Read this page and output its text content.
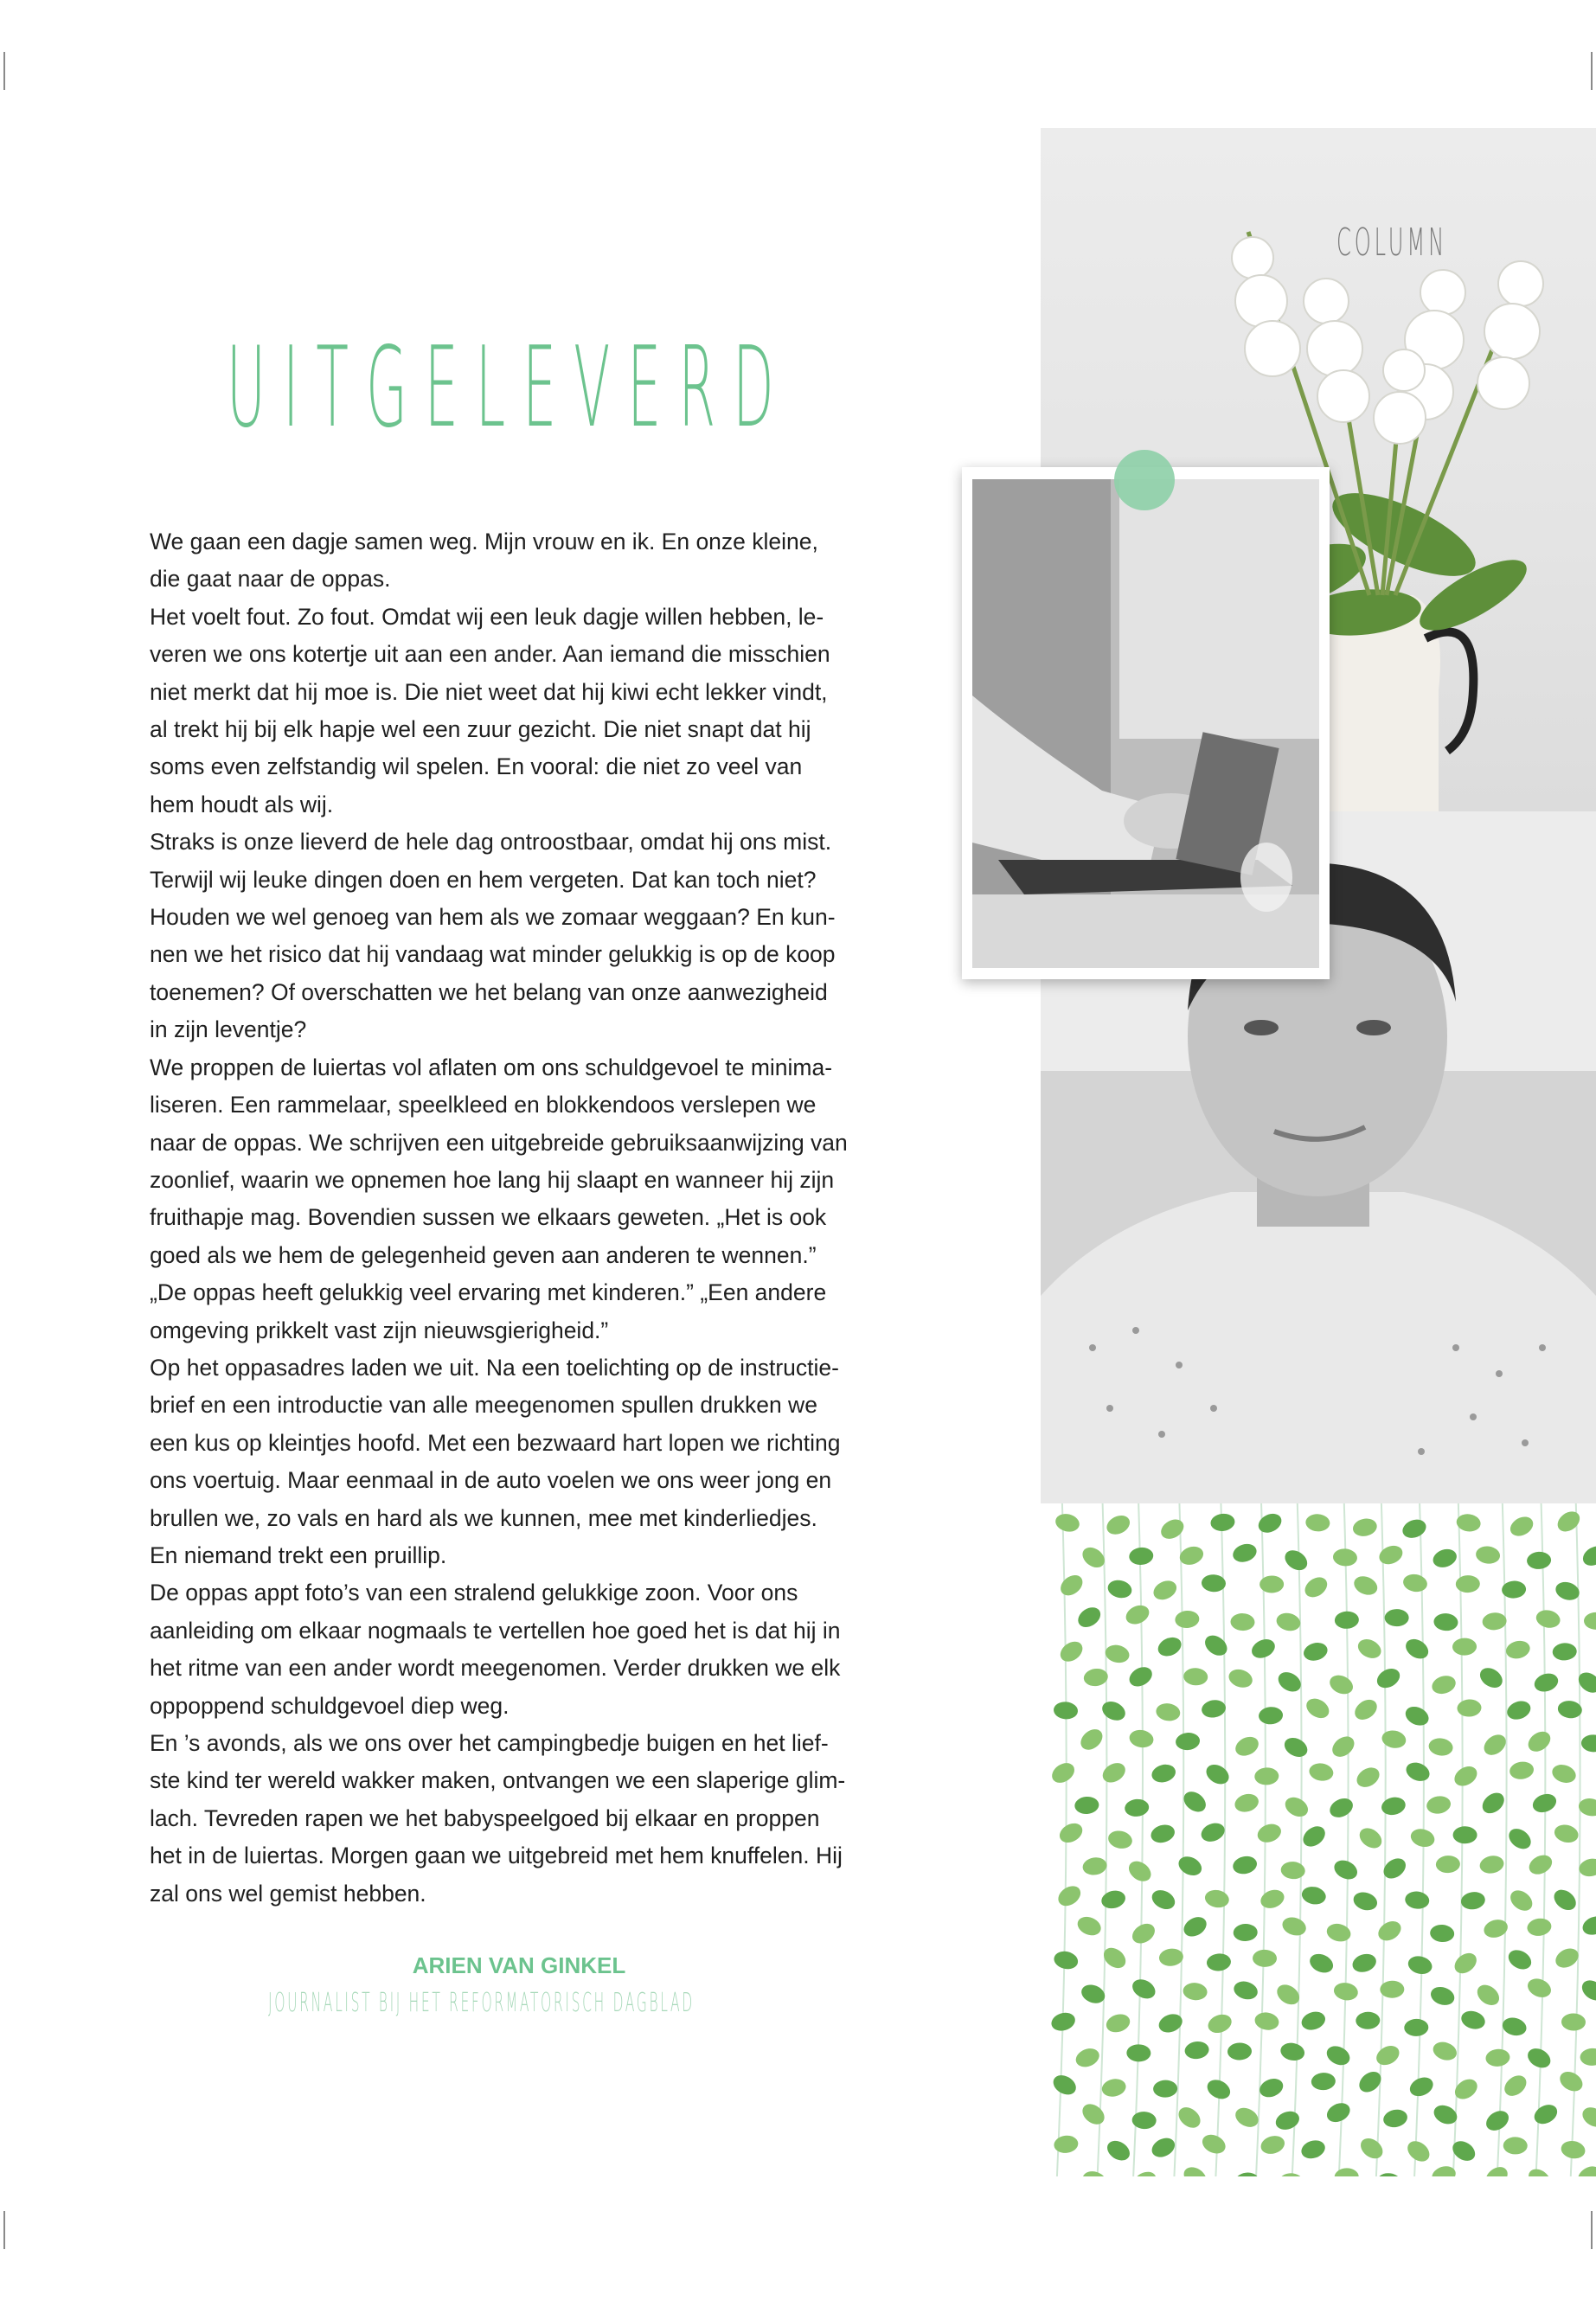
COLUMN
UITGELEVERD

We gaan een dagje samen weg. Mijn vrouw en ik. En onze kleine,

die gaat naar de oppas.

Het voelt fout. Zo fout. Omdat wij een leuk dagje willen hebben, le-

veren we ons kotertje uit aan een ander. Aan iemand die misschien

niet merkt dat hij moe is. Die niet weet dat hij kiwi echt lekker vindt,

al trekt hij bij elk hapje wel een zuur gezicht. Die niet snapt dat hij

soms even zelfstandig wil spelen. En vooral: die niet zo veel van

hem houdt als wij.

Straks is onze lieverd de hele dag ontroostbaar, omdat hij ons mist.

Terwijl wij leuke dingen doen en hem vergeten. Dat kan toch niet?

Houden we wel genoeg van hem als we zomaar weggaan? En kun-

nen we het risico dat hij vandaag wat minder gelukkig is op de koop

toenemen? Of overschatten we het belang van onze aanwezigheid

in zijn leventje?

We proppen de luiertas vol aflaten om ons schuldgevoel te minima-

liseren. Een rammelaar, speelkleed en blokkendoos verslepen we

naar de oppas. We schrijven een uitgebreide gebruiksaanwijzing van

zoonlief, waarin we opnemen hoe lang hij slaapt en wanneer hij zijn

fruithapje mag. Bovendien sussen we elkaars geweten. „Het is ook

goed als we hem de gelegenheid geven aan anderen te wennen.”

„De oppas heeft gelukkig veel ervaring met kinderen.” „Een andere

omgeving prikkelt vast zijn nieuwsgierigheid.”

Op het oppasadres laden we uit. Na een toelichting op de instructie-

brief en een introductie van alle meegenomen spullen drukken we

een kus op kleintjes hoofd. Met een bezwaard hart lopen we richting

ons voertuig. Maar eenmaal in de auto voelen we ons weer jong en

brullen we, zo vals en hard als we kunnen, mee met kinderliedjes.

En niemand trekt een pruillip.

De oppas appt foto’s van een stralend gelukkige zoon. Voor ons

aanleiding om elkaar nogmaals te vertellen hoe goed het is dat hij in

het ritme van een ander wordt meegenomen. Verder drukken we elk

oppoppend schuldgevoel diep weg.

En ’s avonds, als we ons over het campingbedje buigen en het lief-

ste kind ter wereld wakker maken, ontvangen we een slaperige glim-

lach. Tevreden rapen we het babyspeelgoed bij elkaar en proppen

het in de luiertas. Morgen gaan we uitgebreid met hem knuffelen. Hij

zal ons wel gemist hebben.

ARIEN VAN GINKEL
JOURNALIST BIJ HET REFORMATORISCH DAGBLAD
